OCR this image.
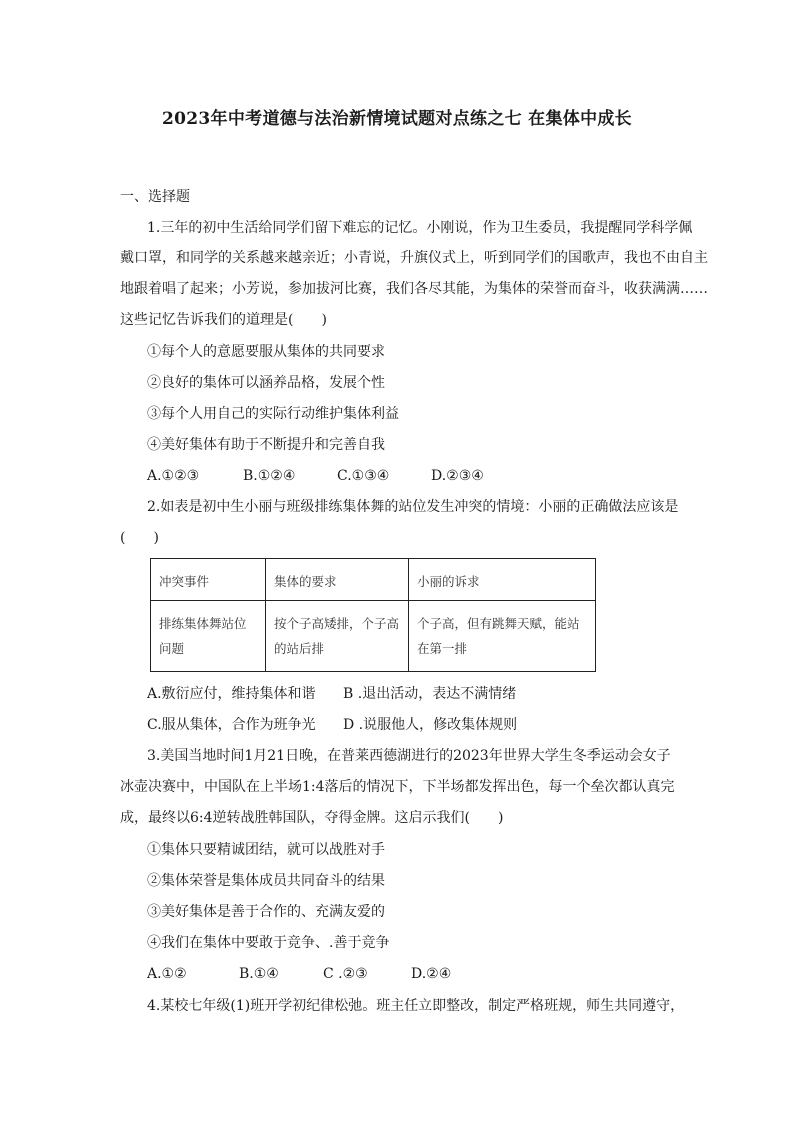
2023年中考道德与法治新情境试题对点练之七 在集体中成长
一、选择题
1.三年的初中生活给同学们留下难忘的记忆。小刚说，作为卫生委员，我提醒同学科学佩
戴口罩，和同学的关系越来越亲近；小青说，升旗仪式上，听到同学们的国歌声，我也不由自主
地跟着唱了起来；小芳说，参加拔河比赛，我们各尽其能，为集体的荣誉而奋斗，收获满满……
这些记忆告诉我们的道理是(　　)
①每个人的意愿要服从集体的共同要求
②良好的集体可以涵养品格，发展个性
③每个人用自己的实际行动维护集体利益
④美好集体有助于不断提升和完善自我
A.①②③	B.①②④	C.①③④	D.②③④
2.如表是初中生小丽与班级排练集体舞的站位发生冲突的情境：小丽的正确做法应该是
(　　)
冲突事件	集体的要求	小丽的诉求
排练集体舞站位问题	按个子高矮排，个子高的站后排	个子高，但有跳舞天赋，能站在第一排
A.敷衍应付，维持集体和谐 B .退出活动，表达不满情绪
C.服从集体，合作为班争光 D .说服他人，修改集体规则
3.美国当地时间1月21日晚，在普莱西德湖进行的2023年世界大学生冬季运动会女子
冰壶决赛中，中国队在上半场1:4落后的情况下，下半场都发挥出色，每一个垒次都认真完
成，最终以6:4逆转战胜韩国队，夺得金牌。这启示我们(　　)
①集体只要精诚团结，就可以战胜对手
②集体荣誉是集体成员共同奋斗的结果
③美好集体是善于合作的、充满友爱的
④我们在集体中要敢于竞争、.善于竞争
A.①②	B.①④	C .②③	D.②④
4.某校七年级(1)班开学初纪律松弛。班主任立即整改，制定严格班规，师生共同遵守，
